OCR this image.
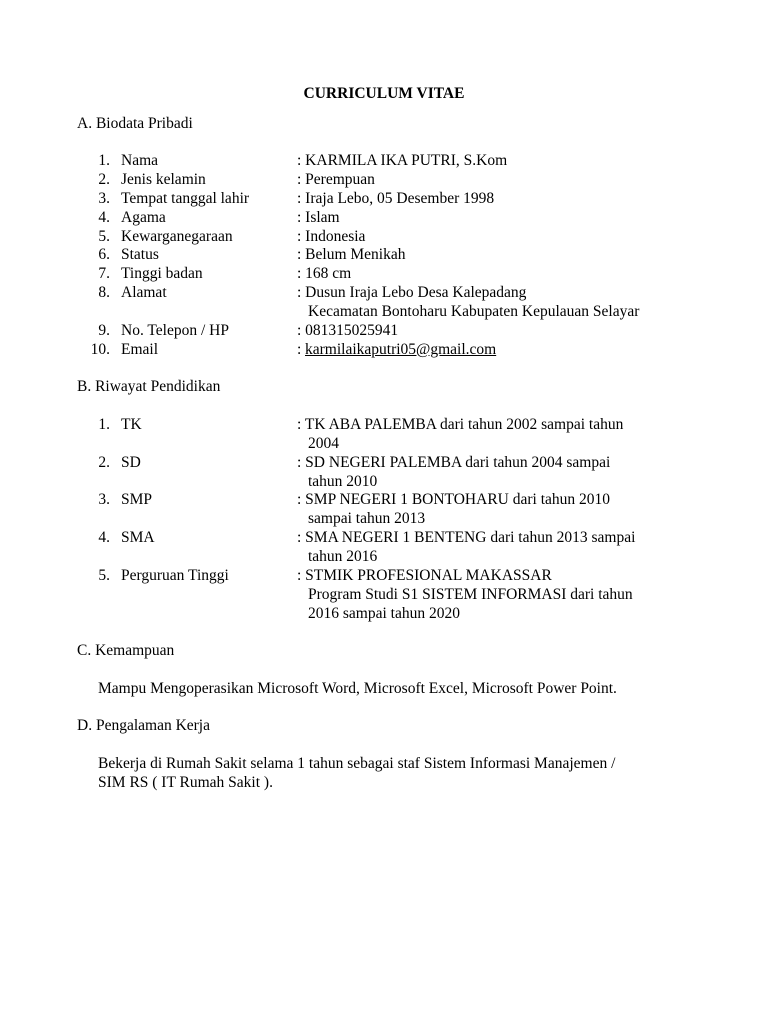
CURRICULUM VITAE
A. Biodata Pribadi
1. Nama	: KARMILA IKA PUTRI, S.Kom
2. Jenis kelamin	: Perempuan
3. Tempat tanggal lahir	: Iraja Lebo, 05 Desember 1998
4. Agama	: Islam
5. Kewarganegaraan	: Indonesia
6. Status	: Belum Menikah
7. Tinggi badan	: 168 cm
8. Alamat	: Dusun Iraja Lebo Desa Kalepadang
Kecamatan Bontoharu Kabupaten Kepulauan Selayar
9. No. Telepon / HP	: 081315025941
10. Email	: karmilaikaputri05@gmail.com
B. Riwayat Pendidikan
1. TK	: TK ABA PALEMBA dari tahun 2002 sampai tahun
2004
2. SD	: SD NEGERI PALEMBA dari tahun 2004 sampai
tahun 2010
3. SMP	: SMP NEGERI 1 BONTOHARU dari tahun 2010
sampai tahun 2013
4. SMA	: SMA NEGERI 1 BENTENG dari tahun 2013 sampai
tahun 2016
5. Perguruan Tinggi	: STMIK PROFESIONAL MAKASSAR
Program Studi S1 SISTEM INFORMASI dari tahun
2016 sampai tahun 2020
C. Kemampuan
Mampu Mengoperasikan Microsoft Word, Microsoft Excel, Microsoft Power Point.
D. Pengalaman Kerja
Bekerja di Rumah Sakit selama 1 tahun sebagai staf Sistem Informasi Manajemen /
SIM RS ( IT Rumah Sakit ).
